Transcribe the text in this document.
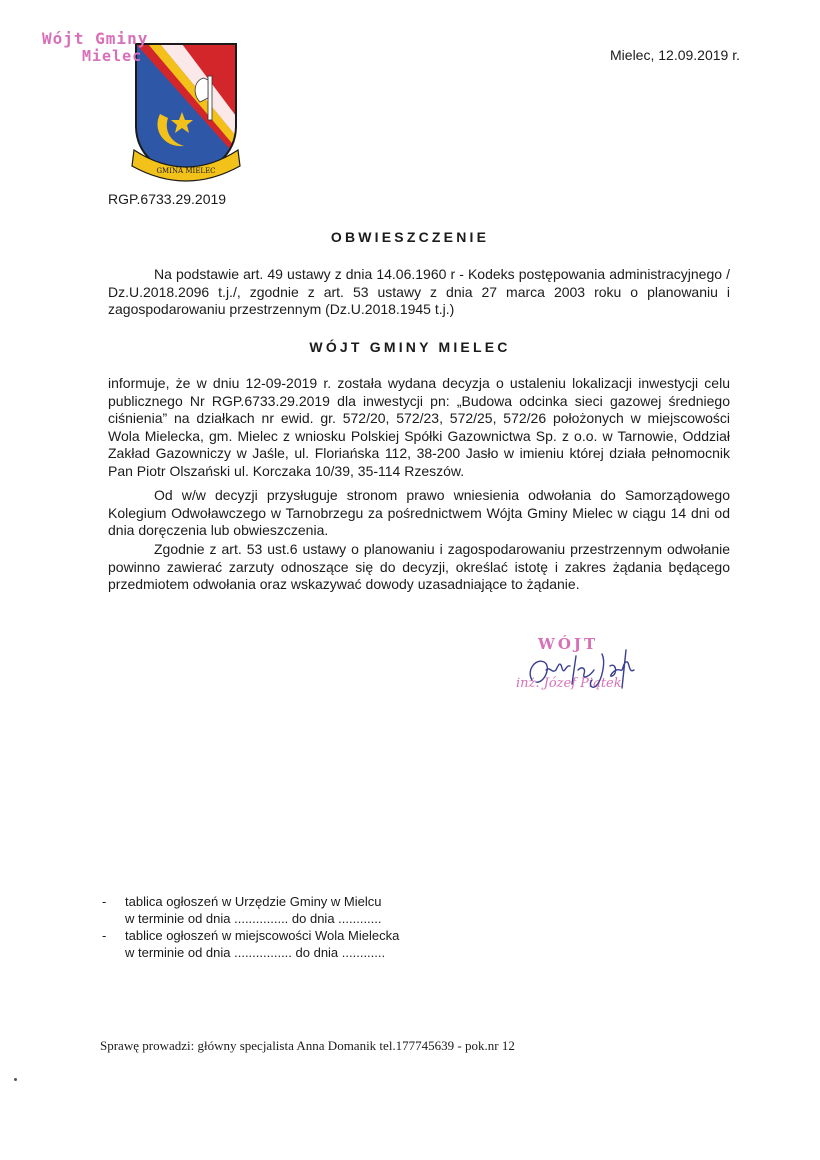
Wójt Gminy
Mielec
GMINA MIELEC
Mielec, 12.09.2019 r.
RGP.6733.29.2019
OBWIESZCZENIE
Na podstawie art. 49 ustawy z dnia 14.06.1960 r - Kodeks postępowania administracyjnego / Dz.U.2018.2096 t.j./, zgodnie z art. 53 ustawy z dnia 27 marca 2003 roku o planowaniu i zagospodarowaniu przestrzennym (Dz.U.2018.1945 t.j.)
WÓJT GMINY MIELEC
informuje, że w dniu 12-09-2019 r. została wydana decyzja o ustaleniu lokalizacji inwestycji celu publicznego Nr RGP.6733.29.2019 dla inwestycji pn: „Budowa odcinka sieci gazowej średniego ciśnienia” na działkach nr ewid. gr. 572/20, 572/23, 572/25, 572/26 położonych w miejscowości Wola Mielecka, gm. Mielec z wniosku Polskiej Spółki Gazownictwa Sp. z o.o. w Tarnowie, Oddział Zakład Gazowniczy w Jaśle, ul. Floriańska 112, 38-200 Jasło w imieniu której działa pełnomocnik Pan Piotr Olszański ul. Korczaka 10/39, 35-114 Rzeszów.
Od w/w decyzji przysługuje stronom prawo wniesienia odwołania do Samorządowego Kolegium Odwoławczego w Tarnobrzegu za pośrednictwem Wójta Gminy Mielec w ciągu 14 dni od dnia doręczenia lub obwieszczenia.
Zgodnie z art. 53 ust.6 ustawy o planowaniu i zagospodarowaniu przestrzennym odwołanie powinno zawierać zarzuty odnoszące się do decyzji, określać istotę i zakres żądania będącego przedmiotem odwołania oraz wskazywać dowody uzasadniające to żądanie.
WÓJT
inż. Józef Piątek
- tablica ogłoszeń w Urzędzie Gminy w Mielcu
w terminie od dnia ............... do dnia ............
- tablice ogłoszeń w miejscowości Wola Mielecka
w terminie od dnia ................ do dnia ............
Sprawę prowadzi: główny specjalista Anna Domanik tel.177745639 - pok.nr 12
